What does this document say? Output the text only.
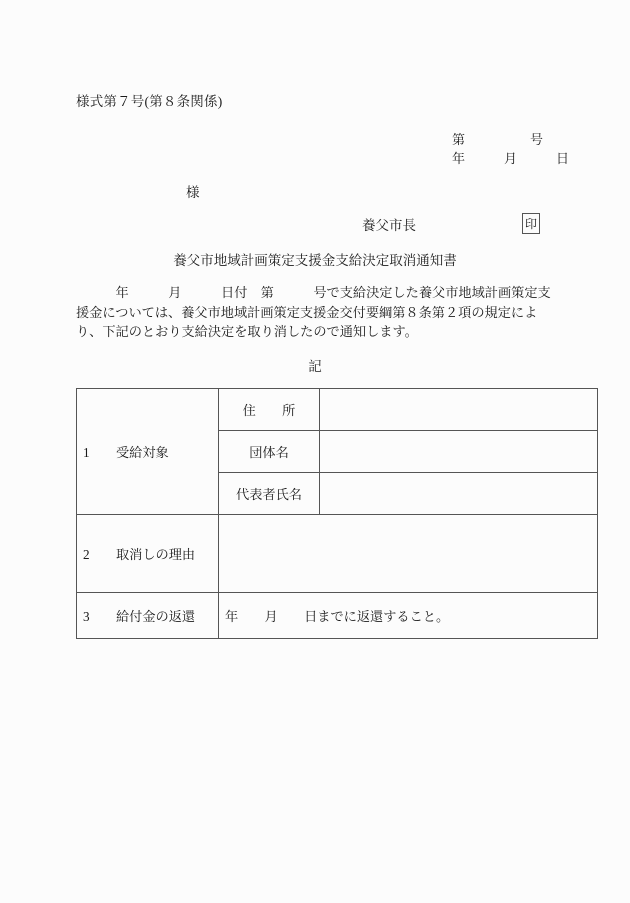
様式第７号(第８条関係)
第　　　　　号
年　　　月　　　日
様
養父市長	印
養父市地域計画策定支援金支給決定取消通知書
　　　年　　　月　　　日付　第　　　号で支給決定した養父市地域計画策定支援金については、養父市地域計画策定支援金交付要綱第８条第２項の規定により、下記のとおり支給決定を取り消したので通知します。
記
1　　受給対象	住　　所	
	団体名	
	代表者氏名	
2　　取消しの理由		
3　　給付金の返還	年　　月　　日までに返還すること。	
